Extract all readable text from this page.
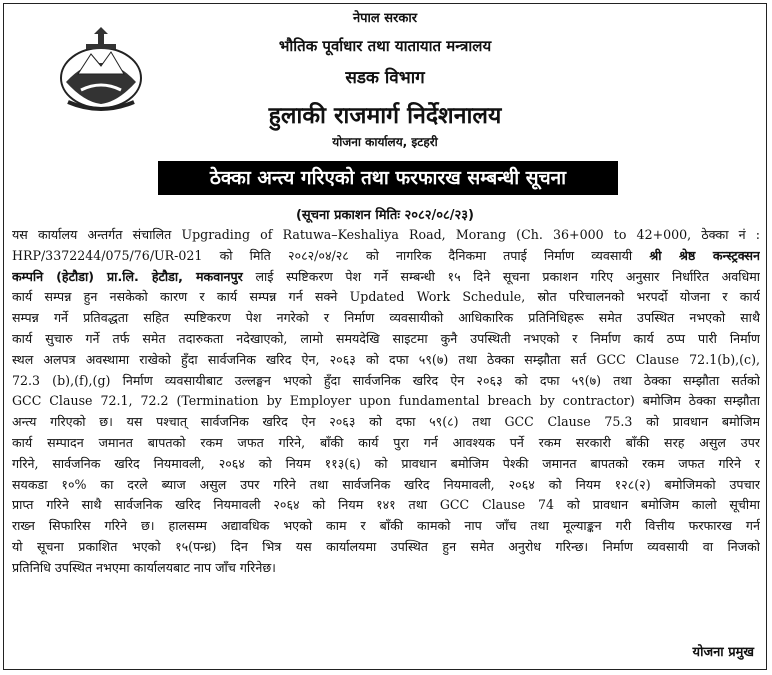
नेपाल सरकार
भौतिक पूर्वाधार तथा यातायात मन्त्रालय
सडक विभाग
हुलाकी राजमार्ग निर्देशनालय
योजना कार्यालय, इटहरी
ठेक्का अन्त्य गरिएको तथा फरफारख सम्बन्धी सूचना
(सूचना प्रकाशन मितिः २०८२/०८/२३)
यस कार्यालय अन्तर्गत संचालित Upgrading of Ratuwa–Keshaliya Road, Morang (Ch. 36+000 to 42+000, ठेक्का नं :
HRP/3372244/075/76/UR-021 को मिति २०८२/०४/२८ को नागरिक दैनिकमा तपाई निर्माण व्यवसायी श्री श्रेष्ठ कन्स्ट्रक्सन
कम्पनि (हेटौडा) प्रा.लि. हेटौडा, मकवानपुर लाई स्पष्टिकरण पेश गर्ने सम्बन्धी १५ दिने सूचना प्रकाशन गरिए अनुसार निर्धारित अवधिमा
कार्य सम्पन्न हुन नसकेको कारण र कार्य सम्पन्न गर्न सक्ने Updated Work Schedule, स्रोत परिचालनको भरपर्दो योजना र कार्य
सम्पन्न गर्ने प्रतिवद्धता सहित स्पष्टिकरण पेश नगरेको र निर्माण व्यवसायीको आधिकारिक प्रतिनिधिहरू समेत उपस्थित नभएको साथै
कार्य सुचारु गर्ने तर्फ समेत तदारुकता नदेखाएको, लामो समयदेखि साइटमा कुनै उपस्थिती नभएको र निर्माण कार्य ठप्प पारी निर्माण
स्थल अलपत्र अवस्थामा राखेको हुँदा सार्वजनिक खरिद ऐन, २०६३ को दफा ५९(७) तथा ठेक्का सम्झौता सर्त GCC Clause 72.1(b),(c),
72.3 (b),(f),(g) निर्माण व्यवसायीबाट उल्लङ्घन भएको हुँदा सार्वजनिक खरिद ऐन २०६३ को दफा ५९(७) तथा ठेक्का सम्झौता सर्तको
GCC Clause 72.1, 72.2 (Termination by Employer upon fundamental breach by contractor) बमोजिम ठेक्का सम्झौता
अन्त्य गरिएको छ। यस पश्चात् सार्वजनिक खरिद ऐन २०६३ को दफा ५९(८) तथा GCC Clause 75.3 को प्रावधान बमोजिम
कार्य सम्पादन जमानत बापतको रकम जफत गरिने, बाँकी कार्य पुरा गर्न आवश्यक पर्ने रकम सरकारी बाँकी सरह असुल उपर
गरिने, सार्वजनिक खरिद नियमावली, २०६४ को नियम ११३(६) को प्रावधान बमोजिम पेश्की जमानत बापतको रकम जफत गरिने र
सयकडा १०% का दरले ब्याज असुल उपर गरिने तथा सार्वजनिक खरिद नियमावली, २०६४ को नियम १२८(२) बमोजिमको उपचार
प्राप्त गरिने साथै सार्वजनिक खरिद नियमावली २०६४ को नियम १४१ तथा GCC Clause 74 को प्रावधान बमोजिम कालो सूचीमा
राख्न सिफारिस गरिने छ। हालसम्म अद्यावधिक भएको काम र बाँकी कामको नाप जाँच तथा मूल्याङ्कन गरी वित्तीय फरफारख गर्न
यो सूचना प्रकाशित भएको १५(पन्ध्र) दिन भित्र यस कार्यालयमा उपस्थित हुन समेत अनुरोध गरिन्छ। निर्माण व्यवसायी वा निजको
प्रतिनिधि उपस्थित नभएमा कार्यालयबाट नाप जाँच गरिनेछ।
योजना प्रमुख
